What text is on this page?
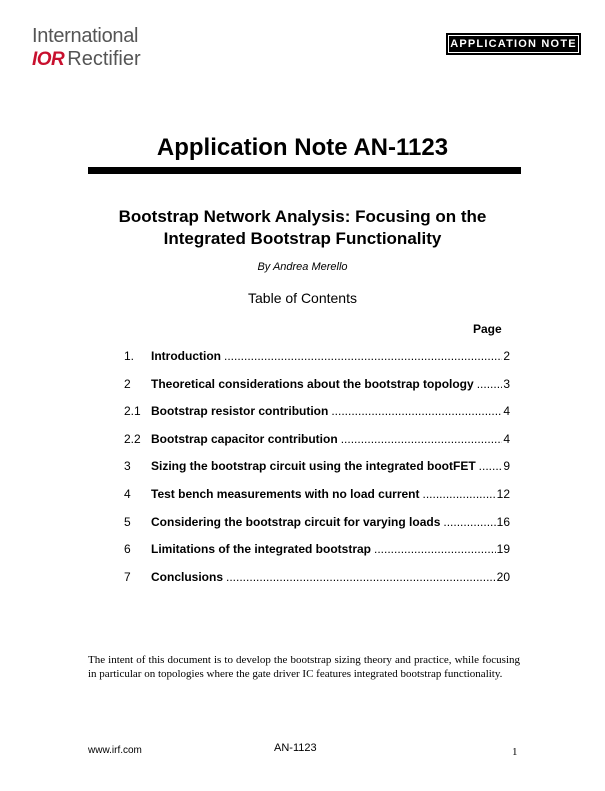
International
IOR Rectifier
APPLICATION NOTE
Application Note AN-1123
Bootstrap Network Analysis: Focusing on the
Integrated Bootstrap Functionality
By Andrea Merello
Table of Contents
Page
1.	Introduction .....	2
2	Theoretical considerations about the bootstrap topology ..... 3
2.1 Bootstrap resistor contribution .....	4
2.2 Bootstrap capacitor contribution .....	4
3	Sizing the bootstrap circuit using the integrated bootFET ..... 9
4	Test bench measurements with no load current .....	12
5	Considering the bootstrap circuit for varying loads .....	16
6	Limitations of the integrated bootstrap .....	19
7	Conclusions .....	20
The intent of this document is to develop the bootstrap sizing theory and practice, while focusing in particular on topologies where the gate driver IC features integrated bootstrap functionality.
www.irf.com	AN-1123	1
